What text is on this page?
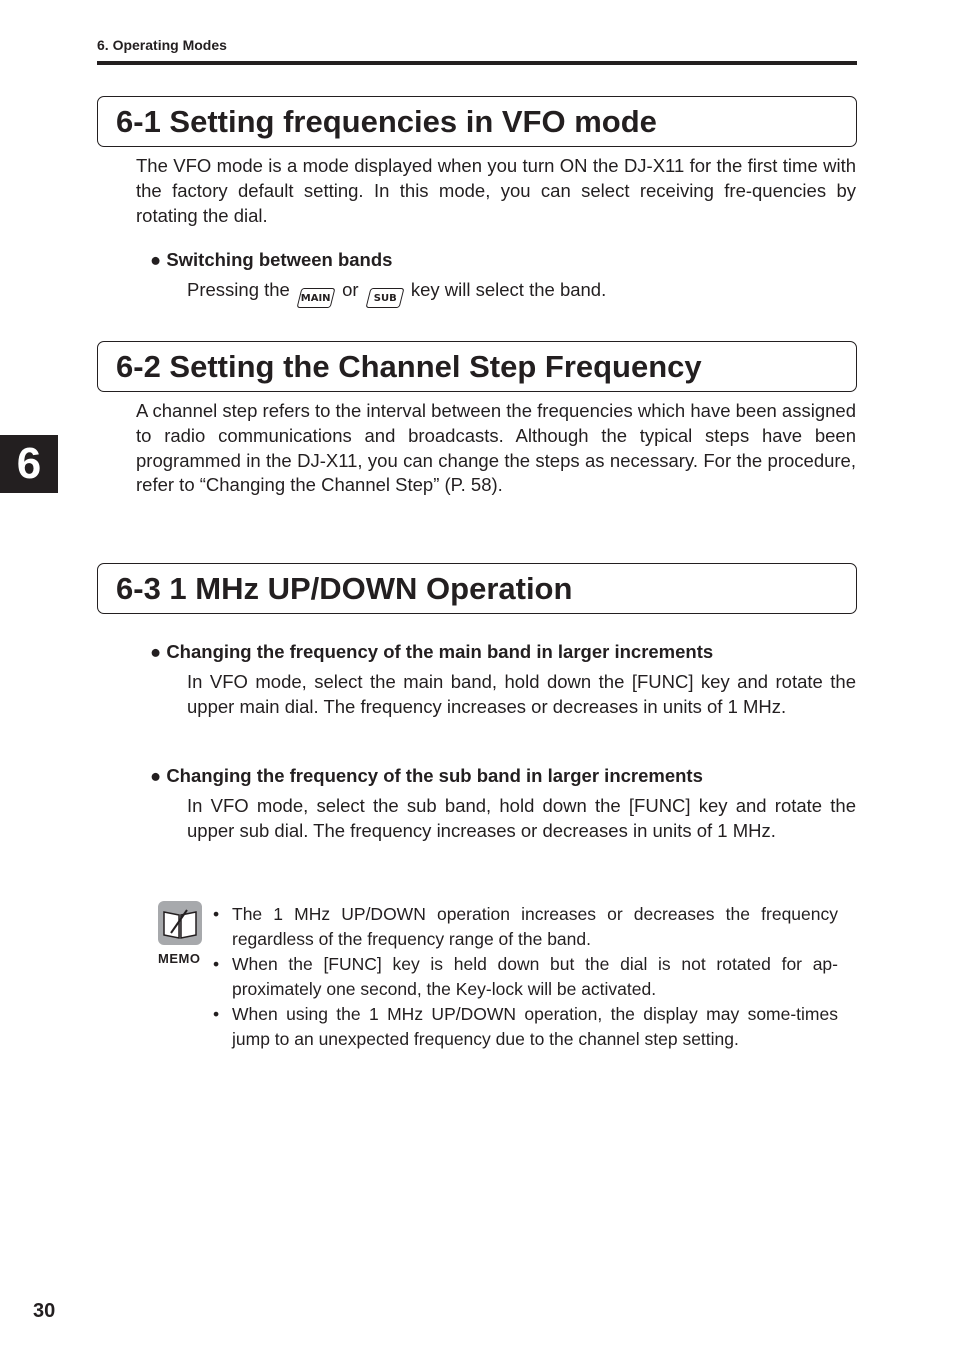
6. Operating Modes
6-1 Setting frequencies in VFO mode

The VFO mode is a mode displayed when you turn ON the DJ-X11 for the first time with the factory default setting. In this mode, you can select receiving fre-quencies by rotating the dial.

● Switching between bands
Pressing the MAIN or SUB key will select the band.
6-2 Setting the Channel Step Frequency

A channel step refers to the interval between the frequencies which have been assigned to radio communications and broadcasts. Although the typical steps have been programmed in the DJ-X11, you can change the steps as necessary. For the procedure, refer to “Changing the Channel Step” (P. 58).

6
6-3 1 MHz UP/DOWN Operation
● Changing the frequency of the main band in larger increments

In VFO mode, select the main band, hold down the [FUNC] key and rotate the upper main dial. The frequency increases or decreases in units of 1 MHz.

● Changing the frequency of the sub band in larger increments

In VFO mode, select the sub band, hold down the [FUNC] key and rotate the upper sub dial. The frequency increases or decreases in units of 1 MHz.

MEMO
• The 1 MHz UP/DOWN operation increases or decreases the frequency regardless of the frequency range of the band.
• When the [FUNC] key is held down but the dial is not rotated for ap-proximately one second, the Key-lock will be activated.
• When using the 1 MHz UP/DOWN operation, the display may some-times jump to an unexpected frequency due to the channel step setting.
30
